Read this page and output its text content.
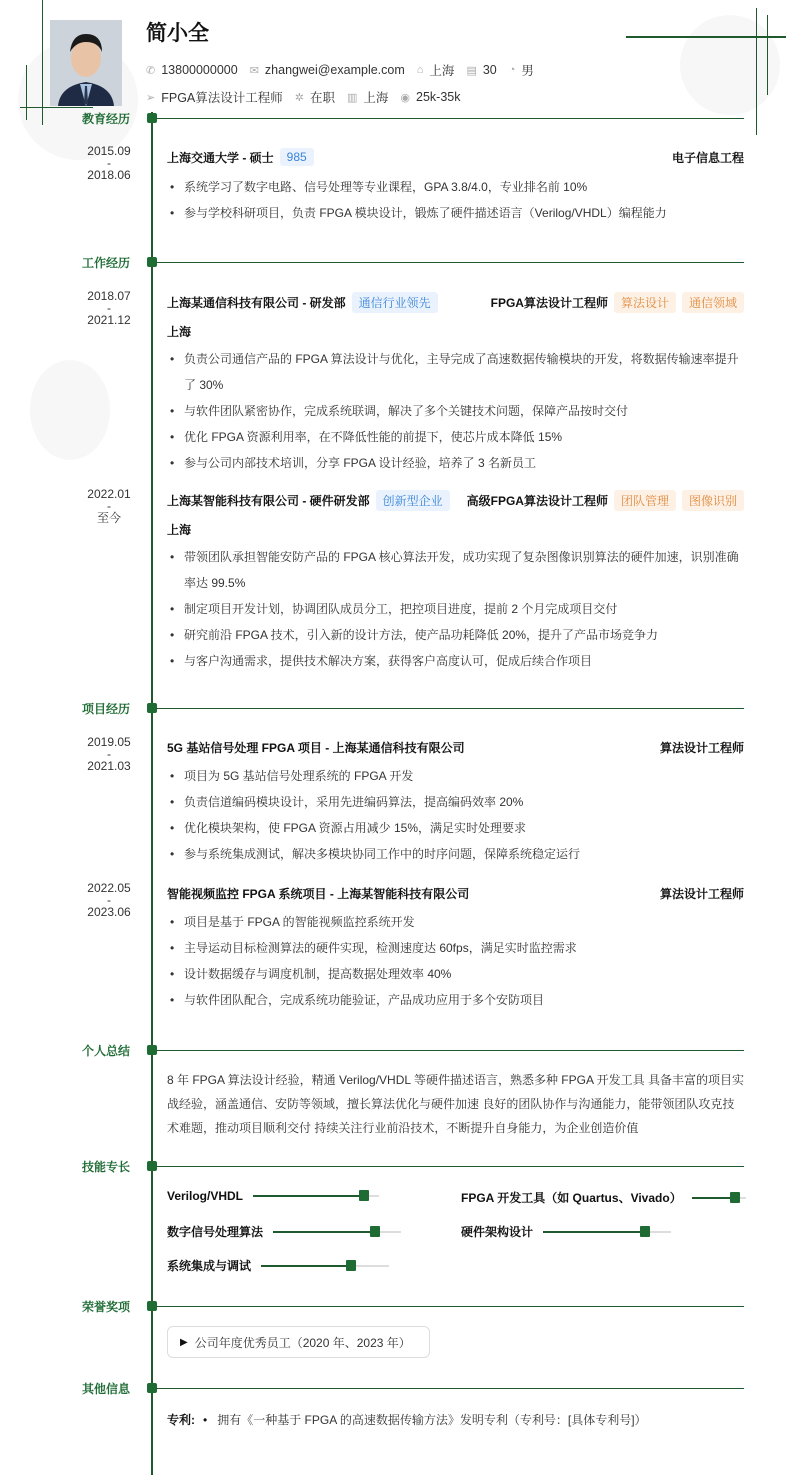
简小全
✆ 13800000000 ✉ zhangwei@example.com ⌂ 上海 ▤ 30 ◔ 男
➢ FPGA算法设计工程师 ✲ 在职 ▥ 上海 ◉ 25k-35k
教育经历
2015.09
-
2018.06
上海交通大学 - 硕士	985	电子信息工程
• 系统学习了数字电路、信号处理等专业课程，GPA 3.8/4.0，专业排名前 10%
• 参与学校科研项目，负责 FPGA 模块设计，锻炼了硬件描述语言（Verilog/VHDL）编程能力
工作经历
2018.07
-
2021.12
上海某通信科技有限公司 - 研发部	通信行业领先	FPGA算法设计工程师	算法设计	通信领域
上海
• 负责公司通信产品的 FPGA 算法设计与优化，主导完成了高速数据传输模块的开发，将数据传输速率提升了 30%
• 与软件团队紧密协作，完成系统联调，解决了多个关键技术问题，保障产品按时交付
• 优化 FPGA 资源利用率，在不降低性能的前提下，使芯片成本降低 15%
• 参与公司内部技术培训，分享 FPGA 设计经验，培养了 3 名新员工
2022.01
-
至今
上海某智能科技有限公司 - 硬件研发部	创新型企业	高级FPGA算法设计工程师	团队管理	图像识别
上海
• 带领团队承担智能安防产品的 FPGA 核心算法开发，成功实现了复杂图像识别算法的硬件加速，识别准确率达 99.5%
• 制定项目开发计划，协调团队成员分工，把控项目进度，提前 2 个月完成项目交付
• 研究前沿 FPGA 技术，引入新的设计方法，使产品功耗降低 20%，提升了产品市场竞争力
• 与客户沟通需求，提供技术解决方案，获得客户高度认可，促成后续合作项目
项目经历
2019.05
-
2021.03
5G 基站信号处理 FPGA 项目 - 上海某通信科技有限公司	算法设计工程师
• 项目为 5G 基站信号处理系统的 FPGA 开发
• 负责信道编码模块设计，采用先进编码算法，提高编码效率 20%
• 优化模块架构，使 FPGA 资源占用减少 15%，满足实时处理要求
• 参与系统集成测试，解决多模块协同工作中的时序问题，保障系统稳定运行
2022.05
-
2023.06
智能视频监控 FPGA 系统项目 - 上海某智能科技有限公司	算法设计工程师
• 项目是基于 FPGA 的智能视频监控系统开发
• 主导运动目标检测算法的硬件实现，检测速度达 60fps，满足实时监控需求
• 设计数据缓存与调度机制，提高数据处理效率 40%
• 与软件团队配合，完成系统功能验证，产品成功应用于多个安防项目
个人总结
8 年 FPGA 算法设计经验，精通 Verilog/VHDL 等硬件描述语言，熟悉多种 FPGA 开发工具 具备丰富的项目实战经验，涵盖通信、安防等领域，擅长算法优化与硬件加速 良好的团队协作与沟通能力，能带领团队攻克技术难题，推动项目顺利交付 持续关注行业前沿技术，不断提升自身能力，为企业创造价值
技能专长
Verilog/VHDL	FPGA 开发工具（如 Quartus、Vivado）
数字信号处理算法	硬件架构设计
系统集成与调试
荣誉奖项
▶ 公司年度优秀员工（2020 年、2023 年）
其他信息
专利: • 拥有《一种基于 FPGA 的高速数据传输方法》发明专利（专利号：[具体专利号]）
